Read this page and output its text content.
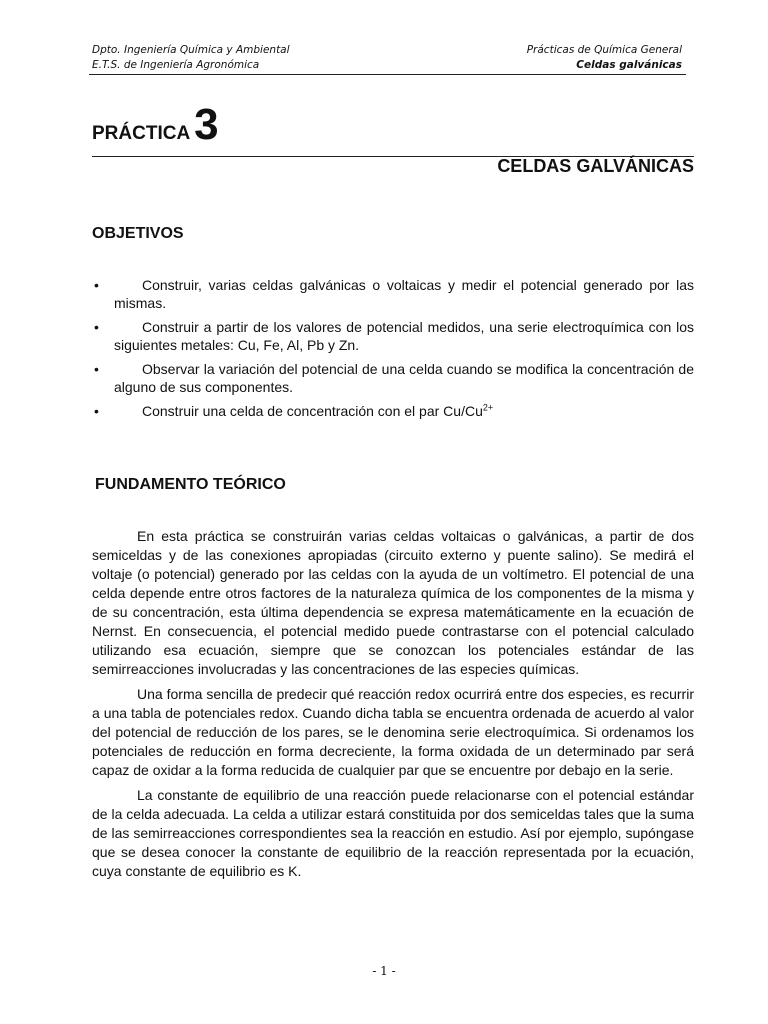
Dpto. Ingeniería Química y Ambiental	Prácticas de Química General
E.T.S. de Ingeniería Agronómica	Celdas galvánicas
PRÁCTICA3
CELDAS GALVÁNICAS
OBJETIVOS
•	Construir, varias celdas galvánicas o voltaicas y medir el potencial generado por las mismas.
•	Construir a partir de los valores de potencial medidos, una serie electroquímica con los siguientes metales: Cu, Fe, Al, Pb y Zn.
•	Observar la variación del potencial de una celda cuando se modifica la concentración de alguno de sus componentes.
•	Construir una celda de concentración con el par $Cu/Cu^{2+}$
FUNDAMENTO TEÓRICO

En esta práctica se construirán varias celdas voltaicas o galvánicas, a partir de dos semiceldas y de las conexiones apropiadas (circuito externo y puente salino). Se medirá el voltaje (o potencial) generado por las celdas con la ayuda de un voltímetro. El potencial de una celda depende entre otros factores de la naturaleza química de los componentes de la misma y de su concentración, esta última dependencia se expresa matemáticamente en la ecuación de Nernst. En consecuencia, el potencial medido puede contrastarse con el potencial calculado utilizando esa ecuación, siempre que se conozcan los potenciales estándar de las semirreacciones involucradas y las concentraciones de las especies químicas.

Una forma sencilla de predecir qué reacción redox ocurrirá entre dos especies, es recurrir a una tabla de potenciales redox. Cuando dicha tabla se encuentra ordenada de acuerdo al valor del potencial de reducción de los pares, se le denomina serie electroquímica. Si ordenamos los potenciales de reducción en forma decreciente, la forma oxidada de un determinado par será capaz de oxidar a la forma reducida de cualquier par que se encuentre por debajo en la serie.

La constante de equilibrio de una reacción puede relacionarse con el potencial estándar de la celda adecuada. La celda a utilizar estará constituida por dos semiceldas tales que la suma de las semirreacciones correspondientes sea la reacción en estudio. Así por ejemplo, supóngase que se desea conocer la constante de equilibrio de la reacción representada por la ecuación, cuya constante de equilibrio es K.

- 1 -
